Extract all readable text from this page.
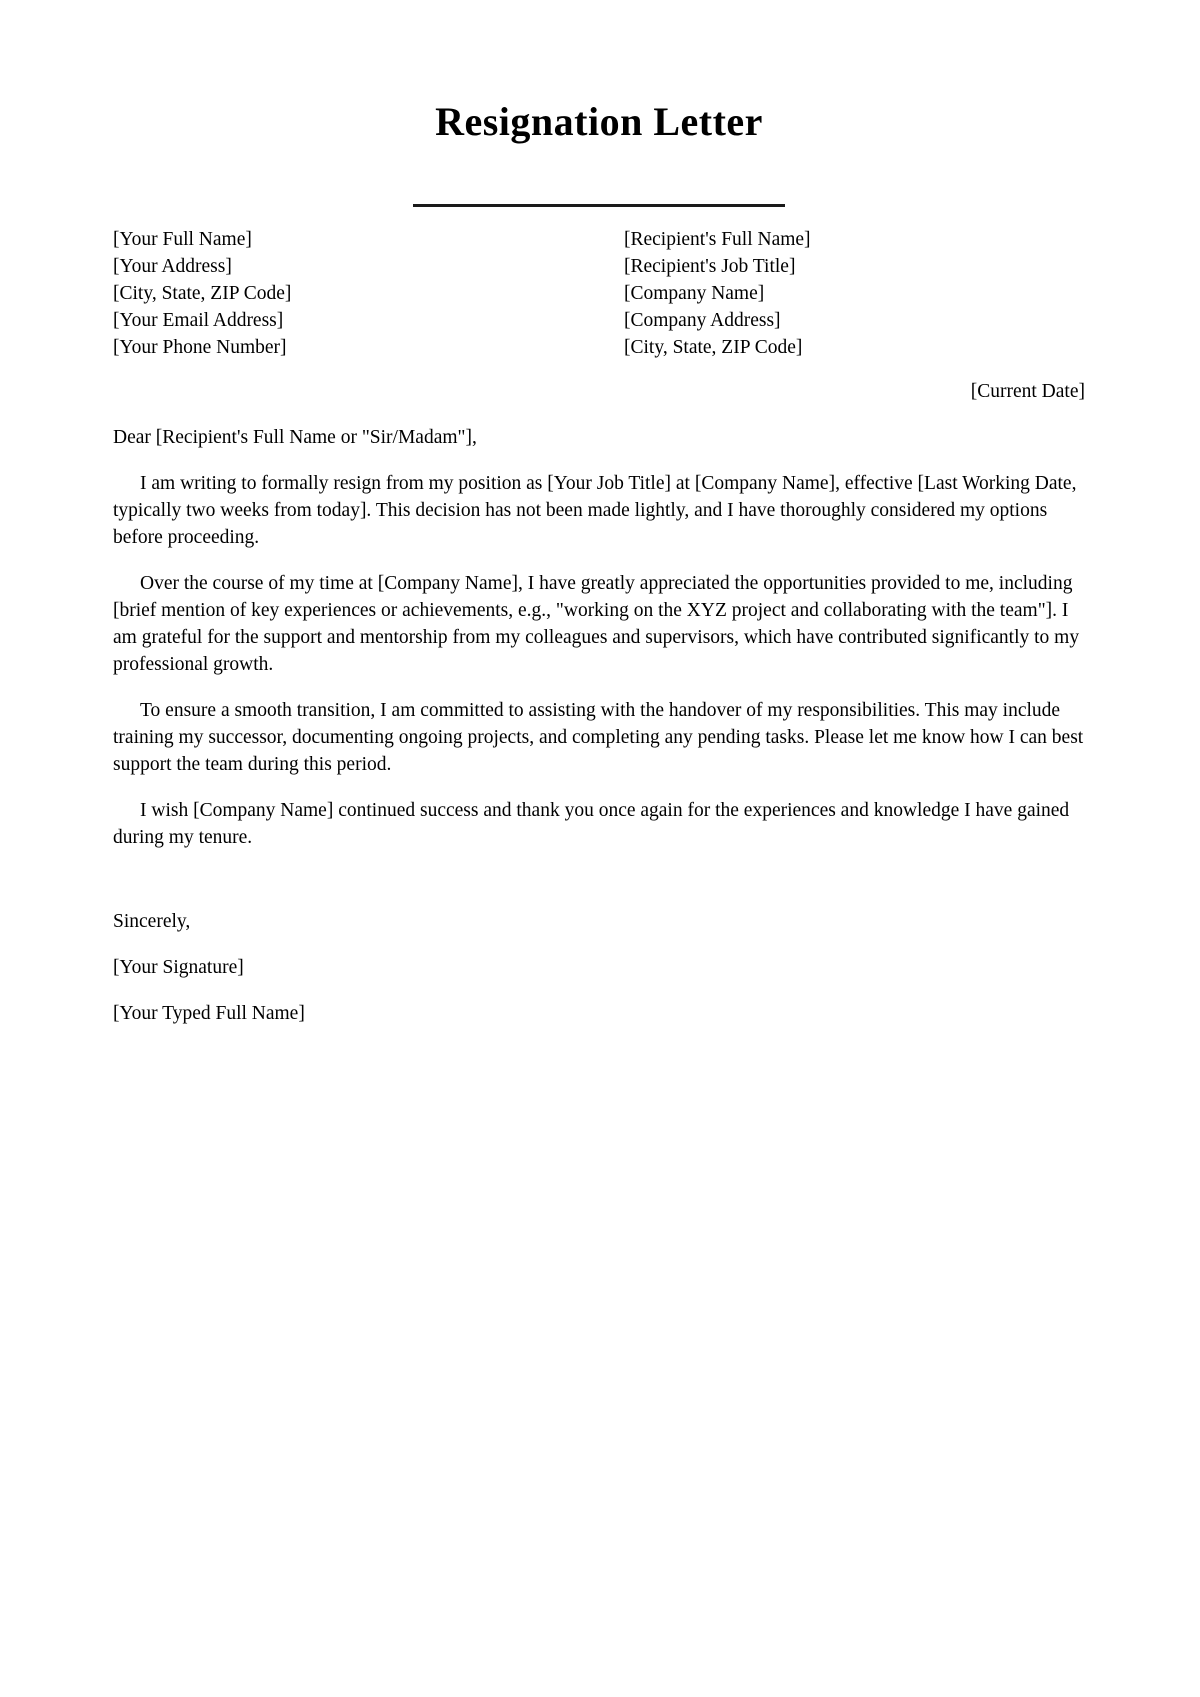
Resignation Letter
[Your Full Name]
[Your Address]
[City, State, ZIP Code]
[Your Email Address]
[Your Phone Number]
[Recipient's Full Name]
[Recipient's Job Title]
[Company Name]
[Company Address]
[City, State, ZIP Code]
[Current Date]
Dear [Recipient's Full Name or "Sir/Madam"],

I am writing to formally resign from my position as [Your Job Title] at [Company Name], effective [Last Working Date, typically two weeks from today]. This decision has not been made lightly, and I have thoroughly considered my options before proceeding.

Over the course of my time at [Company Name], I have greatly appreciated the opportunities provided to me, including [brief mention of key experiences or achievements, e.g., "working on the XYZ project and collaborating with the team"]. I am grateful for the support and mentorship from my colleagues and supervisors, which have contributed significantly to my professional growth.

To ensure a smooth transition, I am committed to assisting with the handover of my responsibilities. This may include training my successor, documenting ongoing projects, and completing any pending tasks. Please let me know how I can best support the team during this period.

I wish [Company Name] continued success and thank you once again for the experiences and knowledge I have gained during my tenure.

Sincerely,
[Your Signature]
[Your Typed Full Name]
